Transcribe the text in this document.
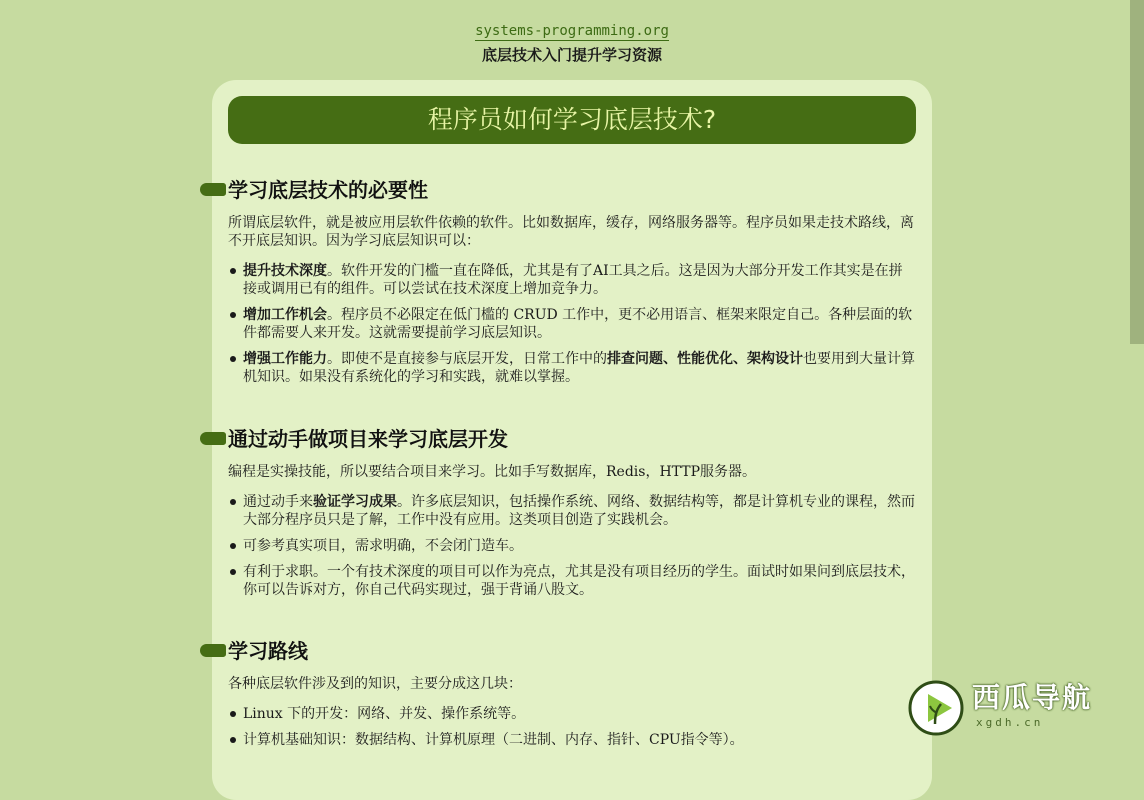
systems-programming.org
底层技术入门提升学习资源
程序员如何学习底层技术?
学习底层技术的必要性

所谓底层软件，就是被应用层软件依赖的软件。比如数据库，缓存，网络服务器等。程序员如果走技术路线，离不开底层知识。因为学习底层知识可以：

提升技术深度。软件开发的门槛一直在降低，尤其是有了AI工具之后。这是因为大部分开发工作其实是在拼接或调用已有的组件。可以尝试在技术深度上增加竞争力。
增加工作机会。程序员不必限定在低门槛的 CRUD 工作中，更不必用语言、框架来限定自己。各种层面的软件都需要人来开发。这就需要提前学习底层知识。
增强工作能力。即使不是直接参与底层开发，日常工作中的排查问题、性能优化、架构设计也要用到大量计算机知识。如果没有系统化的学习和实践，就难以掌握。
通过动手做项目来学习底层开发

编程是实操技能，所以要结合项目来学习。比如手写数据库，Redis，HTTP服务器。

通过动手来验证学习成果。许多底层知识，包括操作系统、网络、数据结构等，都是计算机专业的课程，然而大部分程序员只是了解，工作中没有应用。这类项目创造了实践机会。
可参考真实项目，需求明确，不会闭门造车。
有利于求职。一个有技术深度的项目可以作为亮点，尤其是没有项目经历的学生。面试时如果问到底层技术，你可以告诉对方，你自己代码实现过，强于背诵八股文。
学习路线

各种底层软件涉及到的知识，主要分成这几块：

Linux 下的开发：网络、并发、操作系统等。
计算机基础知识：数据结构、计算机原理（二进制、内存、指针、CPU指令等）。
西瓜导航
xgdh.cn
